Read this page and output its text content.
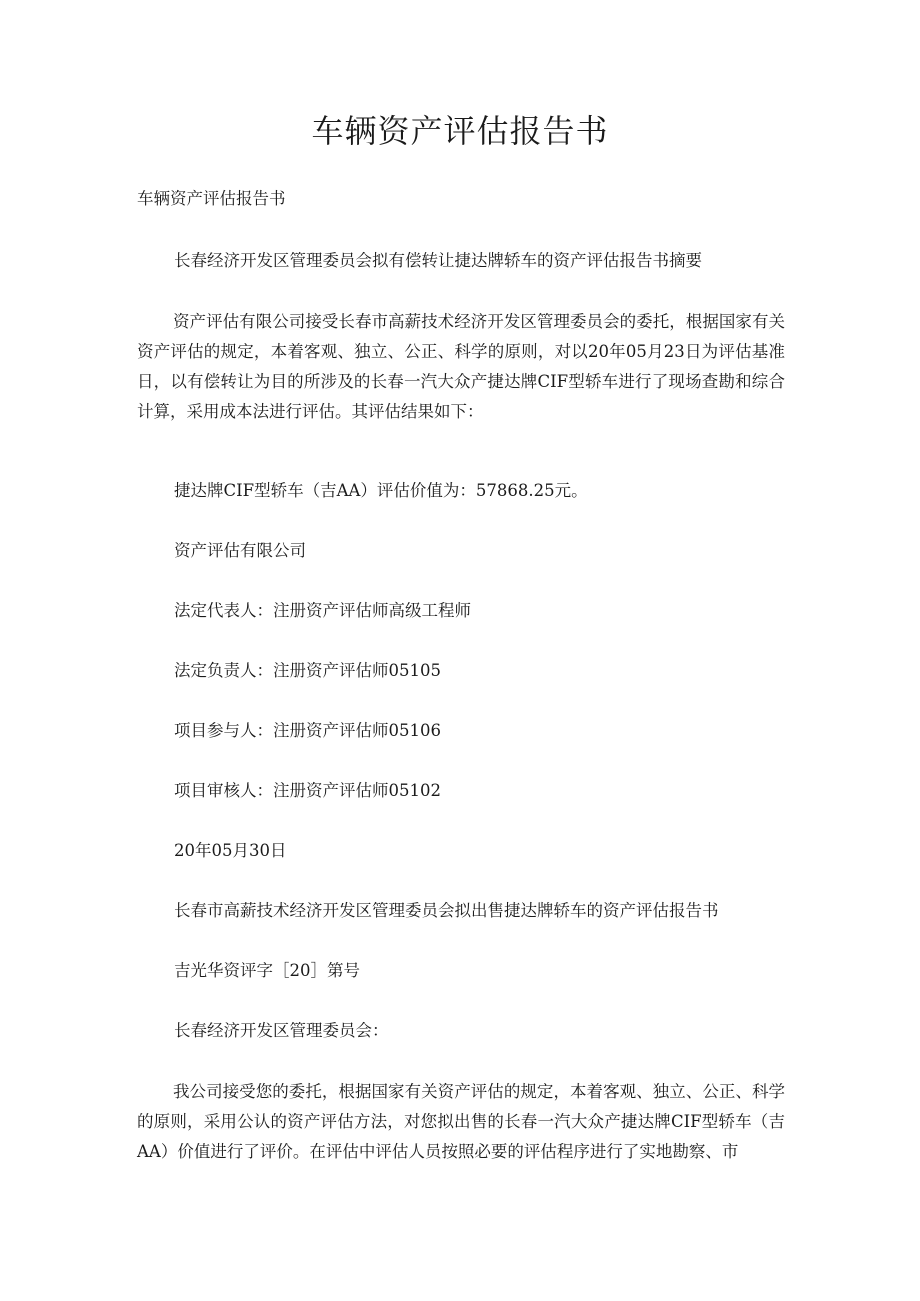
车辆资产评估报告书
车辆资产评估报告书
长春经济开发区管理委员会拟有偿转让捷达牌轿车的资产评估报告书摘要
资产评估有限公司接受长春市高薪技术经济开发区管理委员会的委托，根据国家有关资产评估的规定，本着客观、独立、公正、科学的原则，对以20年05月23日为评估基准日，以有偿转让为目的所涉及的长春一汽大众产捷达牌CIF型轿车进行了现场查勘和综合计算，采用成本法进行评估。其评估结果如下：
捷达牌CIF型轿车（吉AA）评估价值为：57868.25元。
资产评估有限公司
法定代表人：注册资产评估师高级工程师
法定负责人：注册资产评估师05105
项目参与人：注册资产评估师05106
项目审核人：注册资产评估师05102
20年05月30日
长春市高薪技术经济开发区管理委员会拟出售捷达牌轿车的资产评估报告书
吉光华资评字［20］第号
长春经济开发区管理委员会：
我公司接受您的委托，根据国家有关资产评估的规定，本着客观、独立、公正、科学的原则，采用公认的资产评估方法，对您拟出售的长春一汽大众产捷达牌CIF型轿车（吉AA）价值进行了评价。在评估中评估人员按照必要的评估程序进行了实地勘察、市
